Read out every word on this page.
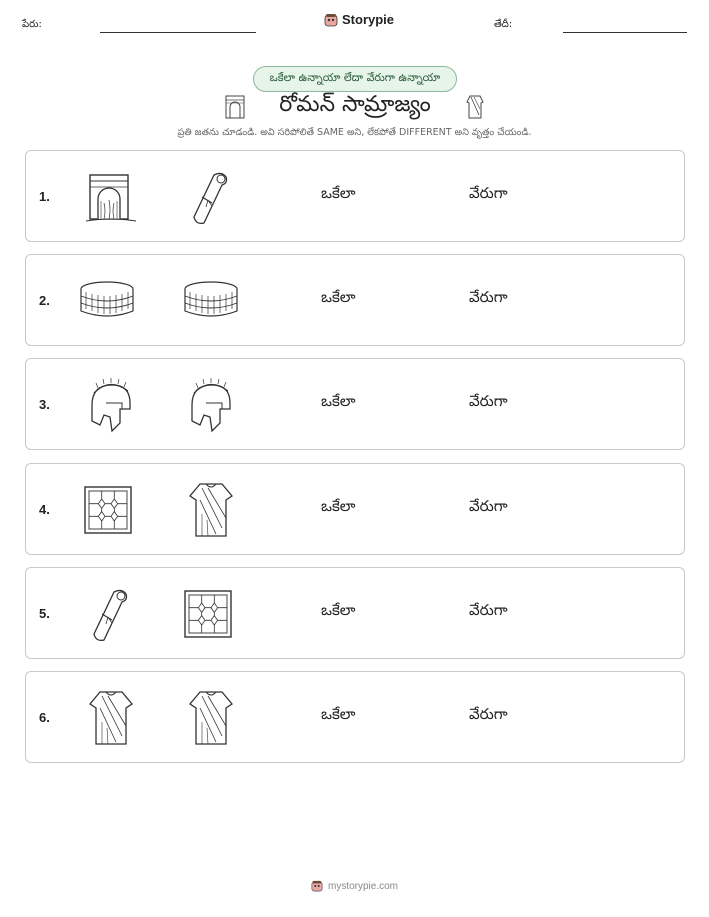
పేరు:	Storypie	తేదీ:
ఒకేలా ఉన్నాయా లేదా వేరుగా ఉన్నాయా
రోమన్ సామ్రాజ్యం
ప్రతి జతను చూడండి. అవి సరిపోలితే SAME అని, లేకపోతే DIFFERENT అని వృత్తం చేయండి.
1.	ఒకేలా	వేరుగా
2.	ఒకేలా	వేరుగా
3.	ఒకేలా	వేరుగా
4.	ఒకేలా	వేరుగా
5.	ఒకేలా	వేరుగా
6.	ఒకేలా	వేరుగా
mystorypie.com
